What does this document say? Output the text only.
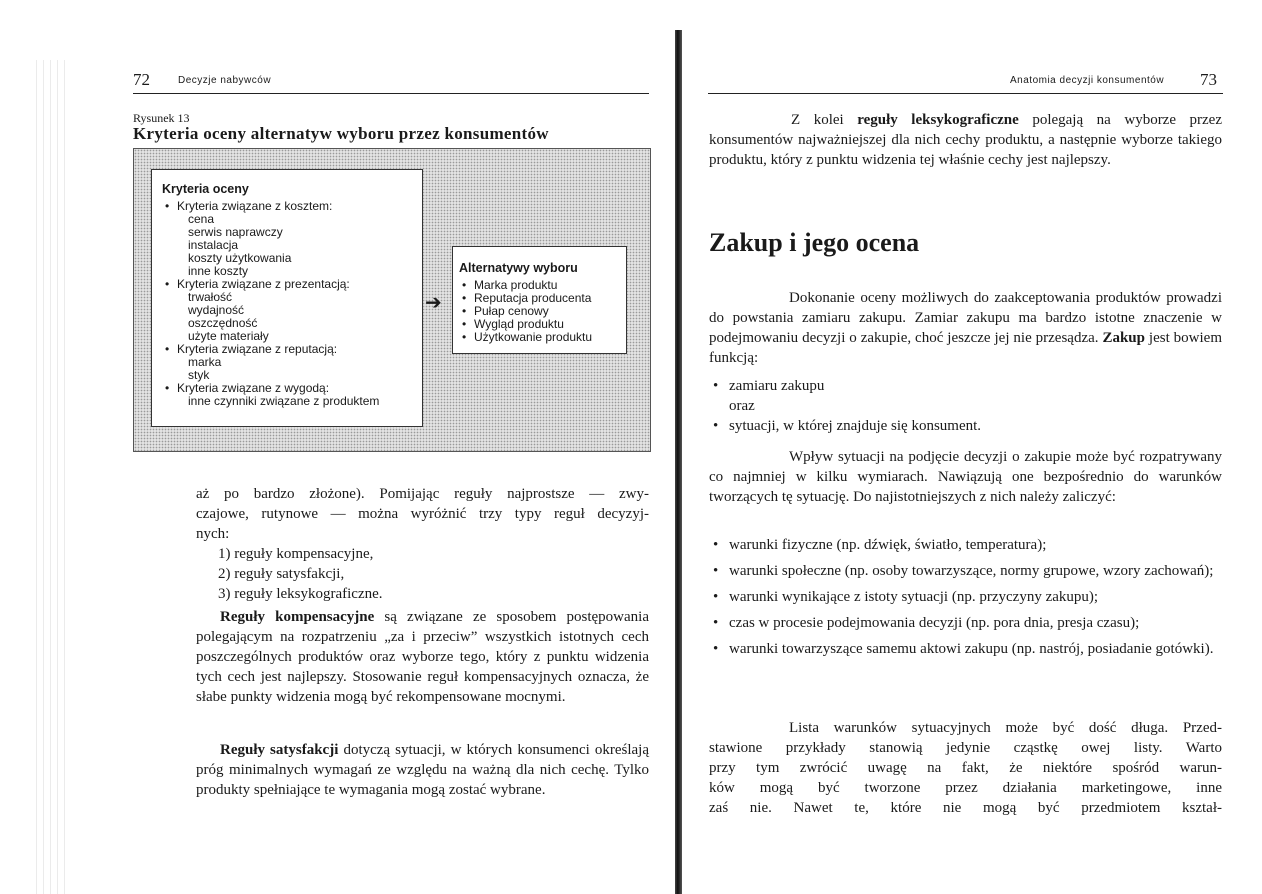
72	Decyzje nabywców
Rysunek 13
Kryteria oceny alternatyw wyboru przez konsumentów
Kryteria oceny
• Kryteria związane z kosztem:
cena
serwis naprawczy
instalacja
koszty użytkowania
inne koszty
• Kryteria związane z prezentacją:
trwałość
wydajność
oszczędność
użyte materiały
• Kryteria związane z reputacją:
marka
styk
• Kryteria związane z wygodą:
inne czynniki związane z produktem
Alternatywy wyboru
• Marka produktu
• Reputacja producenta
• Pułap cenowy
• Wygląd produktu
• Użytkowanie produktu
➔
aż po bardzo złożone). Pomijając reguły najprostsze — zwy-
czajowe, rutynowe — można wyróżnić trzy typy reguł decyzyj-
nych:
1) reguły kompensacyjne,
2) reguły satysfakcji,
3) reguły leksykograficzne.

Reguły kompensacyjne są związane ze sposobem postępowania polegającym na rozpatrzeniu „za i przeciw” wszystkich istotnych cech poszczególnych produktów oraz wyborze tego, który z punktu widzenia tych cech jest najlepszy. Stosowanie reguł kompensacyjnych oznacza, że słabe punkty widzenia mogą być rekompensowane mocnymi.

Reguły satysfakcji dotyczą sytuacji, w których konsumenci określają próg minimalnych wymagań ze względu na ważną dla nich cechę. Tylko produkty spełniające te wymagania mogą zostać wybrane.

Anatomia decyzji konsumentów 73

Z kolei reguły leksykograficzne polegają na wyborze przez konsumentów najważniejszej dla nich cechy produktu, a następnie wyborze takiego produktu, który z punktu widzenia tej właśnie cechy jest najlepszy.

Zakup i jego ocena

Dokonanie oceny możliwych do zaakceptowania produktów prowadzi do powstania zamiaru zakupu. Zamiar zakupu ma bardzo istotne znaczenie w podejmowaniu decyzji o zakupie, choć jeszcze jej nie przesądza. Zakup jest bowiem funkcją:

• zamiaru zakupu
oraz
• sytuacji, w której znajduje się konsument.

Wpływ sytuacji na podjęcie decyzji o zakupie może być rozpatrywany co najmniej w kilku wymiarach. Nawiązują one bezpośrednio do warunków tworzących tę sytuację. Do najistotniejszych z nich należy zaliczyć:

• warunki fizyczne (np. dźwięk, światło, temperatura);
• warunki społeczne (np. osoby towarzyszące, normy grupowe, wzory zachowań);
• warunki wynikające z istoty sytuacji (np. przyczyny zakupu);
• czas w procesie podejmowania decyzji (np. pora dnia, presja czasu);
• warunki towarzyszące samemu aktowi zakupu (np. nastrój, posiadanie gotówki).
Lista warunków sytuacyjnych może być dość długa. Przed-
stawione przykłady stanowią jedynie cząstkę owej listy. Warto
przy tym zwrócić uwagę na fakt, że niektóre spośród warun-
ków mogą być tworzone przez działania marketingowe, inne
zaś nie. Nawet te, które nie mogą być przedmiotem kształ-
